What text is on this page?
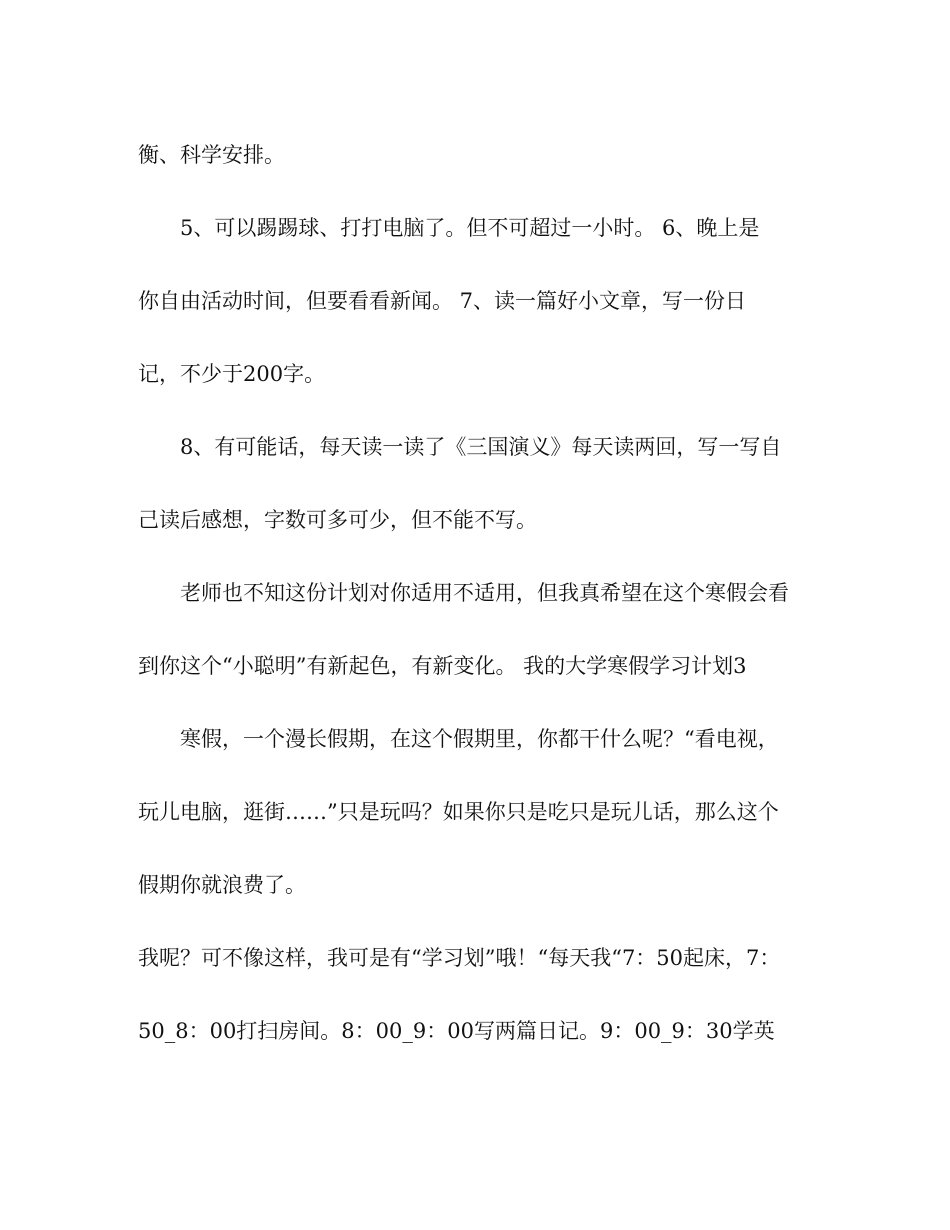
衡、科学安排。

5、可以踢踢球、打打电脑了。但不可超过一小时。 6、晚上是

你自由活动时间，但要看看新闻。 7、读一篇好小文章，写一份日

记，不少于200字。

8、有可能话，每天读一读了《三国演义》每天读两回，写一写自

己读后感想，字数可多可少，但不能不写。

老师也不知这份计划对你适用不适用，但我真希望在这个寒假会看

到你这个“小聪明”有新起色，有新变化。 我的大学寒假学习计划3

寒假，一个漫长假期，在这个假期里，你都干什么呢？“看电视，

玩儿电脑，逛街……”只是玩吗？如果你只是吃只是玩儿话，那么这个

假期你就浪费了。

我呢？可不像这样，我可是有“学习划”哦！“每天我“7：50起床，7：

50_8：00打扫房间。8：00_9：00写两篇日记。9：00_9：30学英
